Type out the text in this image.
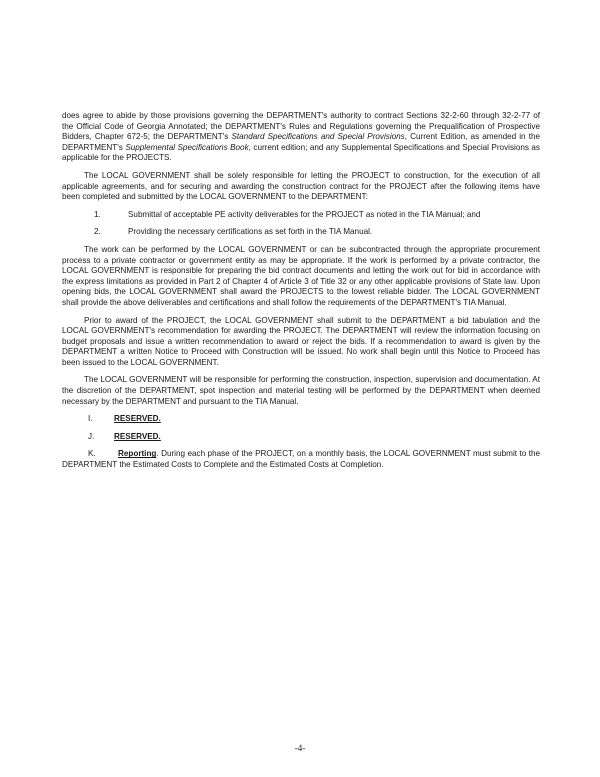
does agree to abide by those provisions governing the DEPARTMENT's authority to contract Sections 32-2-60 through 32-2-77 of the Official Code of Georgia Annotated; the DEPARTMENT's Rules and Regulations governing the Prequalification of Prospective Bidders, Chapter 672-5; the DEPARTMENT's Standard Specifications and Special Provisions, Current Edition, as amended in the DEPARTMENT's Supplemental Specifications Book, current edition; and any Supplemental Specifications and Special Provisions as applicable for the PROJECTS.

The LOCAL GOVERNMENT shall be solely responsible for letting the PROJECT to construction, for the execution of all applicable agreements, and for securing and awarding the construction contract for the PROJECT after the following items have been completed and submitted by the LOCAL GOVERNMENT to the DEPARTMENT:

1.	Submittal of acceptable PE activity deliverables for the PROJECT as noted in the TIA Manual; and
2.	Providing the necessary certifications as set forth in the TIA Manual.

The work can be performed by the LOCAL GOVERNMENT or can be subcontracted through the appropriate procurement process to a private contractor or government entity as may be appropriate. If the work is performed by a private contractor, the LOCAL GOVERNMENT is responsible for preparing the bid contract documents and letting the work out for bid in accordance with the express limitations as provided in Part 2 of Chapter 4 of Article 3 of Title 32 or any other applicable provisions of State law. Upon opening bids, the LOCAL GOVERNMENT shall award the PROJECTS to the lowest reliable bidder. The LOCAL GOVERNMENT shall provide the above deliverables and certifications and shall follow the requirements of the DEPARTMENT's TIA Manual.

Prior to award of the PROJECT, the LOCAL GOVERNMENT shall submit to the DEPARTMENT a bid tabulation and the LOCAL GOVERNMENT's recommendation for awarding the PROJECT. The DEPARTMENT will review the information focusing on budget proposals and issue a written recommendation to award or reject the bids. If a recommendation to award is given by the DEPARTMENT a written Notice to Proceed with Construction will be issued. No work shall begin until this Notice to Proceed has been issued to the LOCAL GOVERNMENT.

The LOCAL GOVERNMENT will be responsible for performing the construction, inspection, supervision and documentation. At the discretion of the DEPARTMENT, spot inspection and material testing will be performed by the DEPARTMENT when deemed necessary by the DEPARTMENT and pursuant to the TIA Manual.

I.	RESERVED.
J.	RESERVED.

K.	Reporting. During each phase of the PROJECT, on a monthly basis, the LOCAL GOVERNMENT must submit to the DEPARTMENT the Estimated Costs to Complete and the Estimated Costs at Completion.

-4-
